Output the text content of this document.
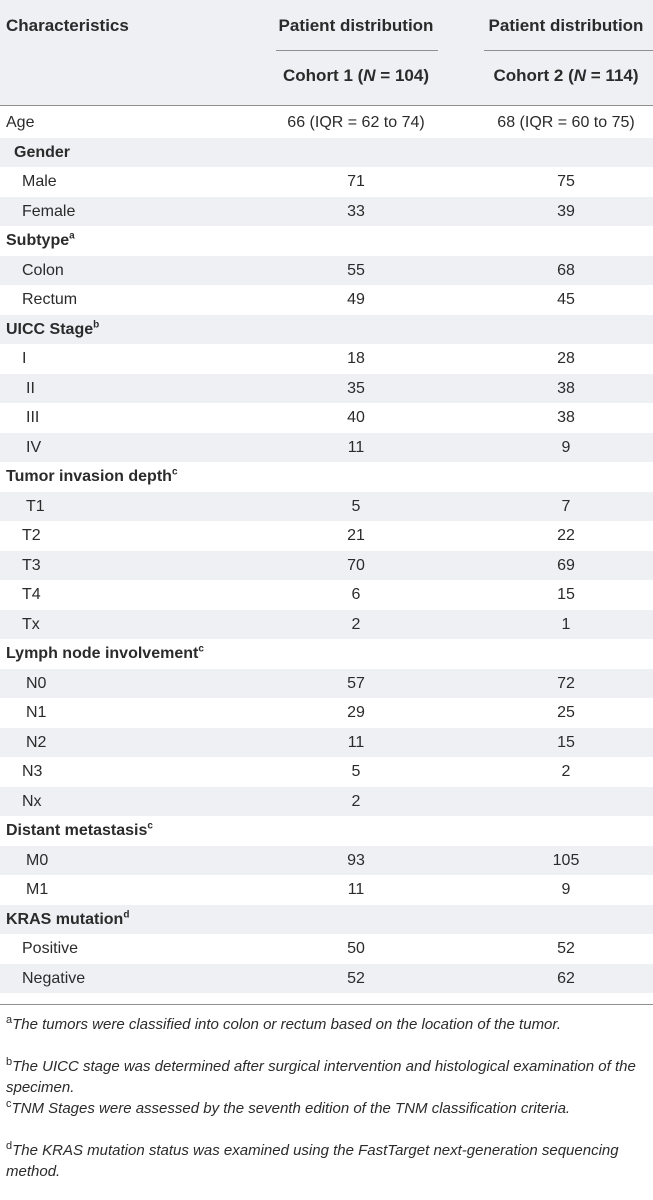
Characteristics	Patient distribution	Patient distribution
Cohort 1 (N = 104)	Cohort 2 (N = 114)
Age	66 (IQR = 62 to 74)	68 (IQR = 60 to 75)
Gender
Male	71	75
Female	33	39
Subtype$^a$
Colon	55	68
Rectum	49	45
UICC Stage$^b$
I	18	28
II	35	38
III	40	38
IV	11	9
Tumor invasion depth$^c$
T1	5	7
T2	21	22
T3	70	69
T4	6	15
Tx	2	1
Lymph node involvement$^c$
N0	57	72
N1	29	25
N2	11	15
N3	5	2
Nx	2
Distant metastasis$^c$
M0	93	105
M1	11	9
KRAS mutation$^d$
Positive	50	52
Negative	52	62
$^a$The tumors were classified into colon or rectum based on the location of the tumor.
$^b$The UICC stage was determined after surgical intervention and histological examination of the specimen.
$^c$TNM Stages were assessed by the seventh edition of the TNM classification criteria.
$^d$The KRAS mutation status was examined using the FastTarget next-generation sequencing method.
